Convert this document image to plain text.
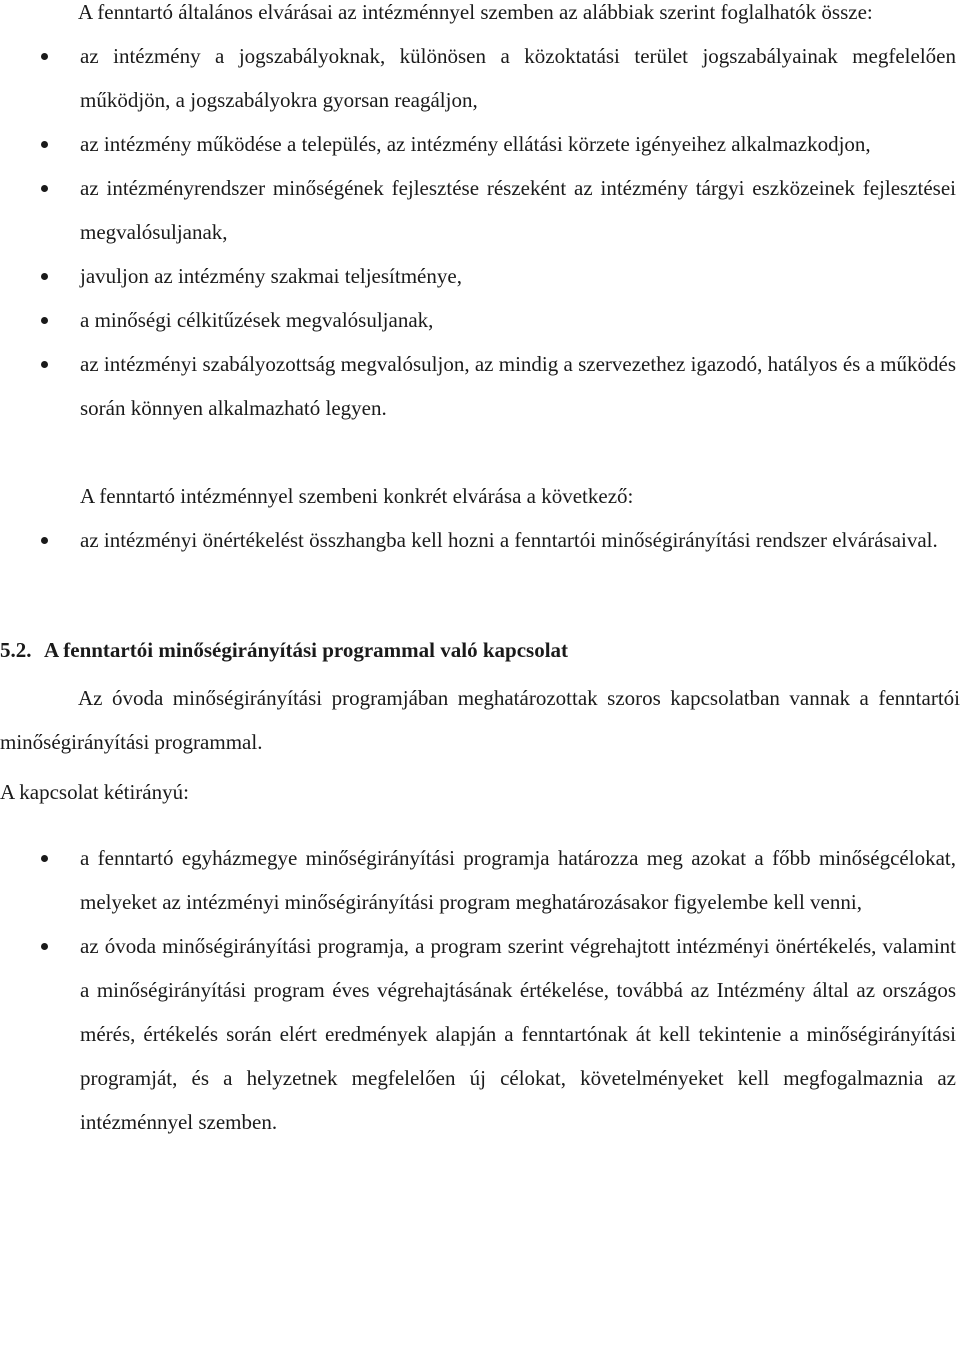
A fenntartó általános elvárásai az intézménnyel szemben az alábbiak szerint foglalhatók össze:

az intézmény a jogszabályoknak, különösen a közoktatási terület jogszabályainak megfelelően működjön, a jogszabályokra gyorsan reagáljon,
az intézmény működése a település, az intézmény ellátási körzete igényeihez alkalmazkodjon,
az intézményrendszer minőségének fejlesztése részeként az intézmény tárgyi eszközeinek fejlesztései megvalósuljanak,
javuljon az intézmény szakmai teljesítménye,
a minőségi célkitűzések megvalósuljanak,
az intézményi szabályozottság megvalósuljon, az mindig a szervezethez igazodó, hatályos és a működés során könnyen alkalmazható legyen.

A fenntartó intézménnyel szembeni konkrét elvárása a következő:

az intézményi önértékelést összhangba kell hozni a fenntartói minőségirányítási rendszer elvárásaival.
5.2. A fenntartói minőségirányítási programmal való kapcsolat

Az óvoda minőségirányítási programjában meghatározottak szoros kapcsolatban vannak a fenntartói minőségirányítási programmal.

A kapcsolat kétirányú:

a fenntartó egyházmegye minőségirányítási programja határozza meg azokat a főbb minőségcélokat, melyeket az intézményi minőségirányítási program meghatározásakor figyelembe kell venni,
az óvoda minőségirányítási programja, a program szerint végrehajtott intézményi önértékelés, valamint a minőségirányítási program éves végrehajtásának értékelése, továbbá az Intézmény által az országos mérés, értékelés során elért eredmények alapján a fenntartónak át kell tekintenie a minőségirányítási programját, és a helyzetnek megfelelően új célokat, követelményeket kell megfogalmaznia az intézménnyel szemben.
